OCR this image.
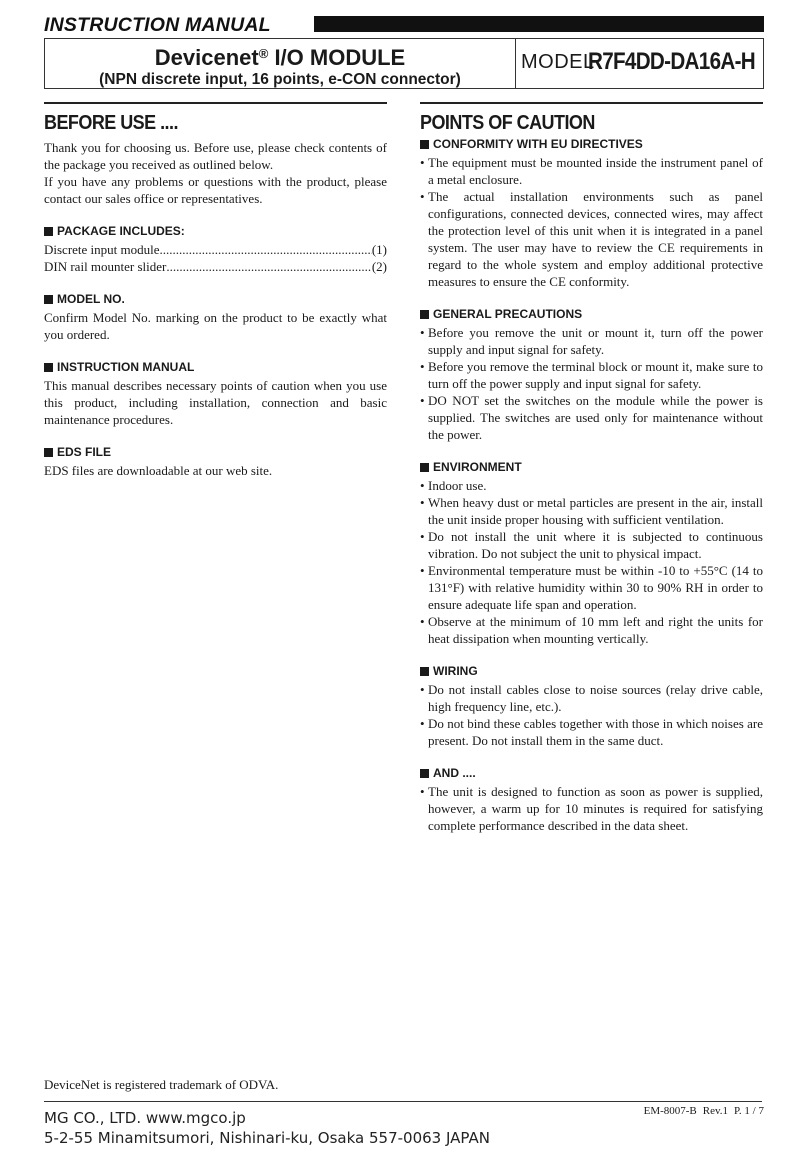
INSTRUCTION MANUAL
Devicenet® I/O MODULE
(NPN discrete input, 16 points, e-CON connector)
MODEL
R7F4DD-DA16A-H
BEFORE USE ....
Thank you for choosing us. Before use, please check contents of the package you received as outlined below.
If you have any problems or questions with the product, please contact our sales office or representatives.
PACKAGE INCLUDES:
Discrete input module .....	(1)
DIN rail mounter slider .....	(2)
MODEL NO.
Confirm Model No. marking on the product to be exactly what you ordered.
INSTRUCTION MANUAL
This manual describes necessary points of caution when you use this product, including installation, connection and basic maintenance procedures.
EDS FILE
EDS files are downloadable at our web site.
POINTS OF CAUTION
CONFORMITY WITH EU DIRECTIVES
• The equipment must be mounted inside the instrument panel of a metal enclosure.
• The actual installation environments such as panel configurations, connected devices, connected wires, may affect the protection level of this unit when it is integrated in a panel system. The user may have to review the CE requirements in regard to the whole system and employ additional protective measures to ensure the CE conformity.
GENERAL PRECAUTIONS
• Before you remove the unit or mount it, turn off the power supply and input signal for safety.
• Before you remove the terminal block or mount it, make sure to turn off the power supply and input signal for safety.
• DO NOT set the switches on the module while the power is supplied. The switches are used only for maintenance without the power.
ENVIRONMENT
• Indoor use.
• When heavy dust or metal particles are present in the air, install the unit inside proper housing with sufficient ventilation.
• Do not install the unit where it is subjected to continuous vibration. Do not subject the unit to physical impact.
• Environmental temperature must be within -10 to +55°C (14 to 131°F) with relative humidity within 30 to 90% RH in order to ensure adequate life span and operation.
• Observe at the minimum of 10 mm left and right the units for heat dissipation when mounting vertically.
WIRING
• Do not install cables close to noise sources (relay drive cable, high frequency line, etc.).
• Do not bind these cables together with those in which noises are present. Do not install them in the same duct.
AND ....
• The unit is designed to function as soon as power is supplied, however, a warm up for 10 minutes is required for satisfying complete performance described in the data sheet.
DeviceNet is registered trademark of ODVA.
MG CO., LTD. www.mgco.jp
5-2-55 Minamitsumori, Nishinari-ku, Osaka 557-0063 JAPAN
EM-8007-B Rev.1 P. 1 / 7
